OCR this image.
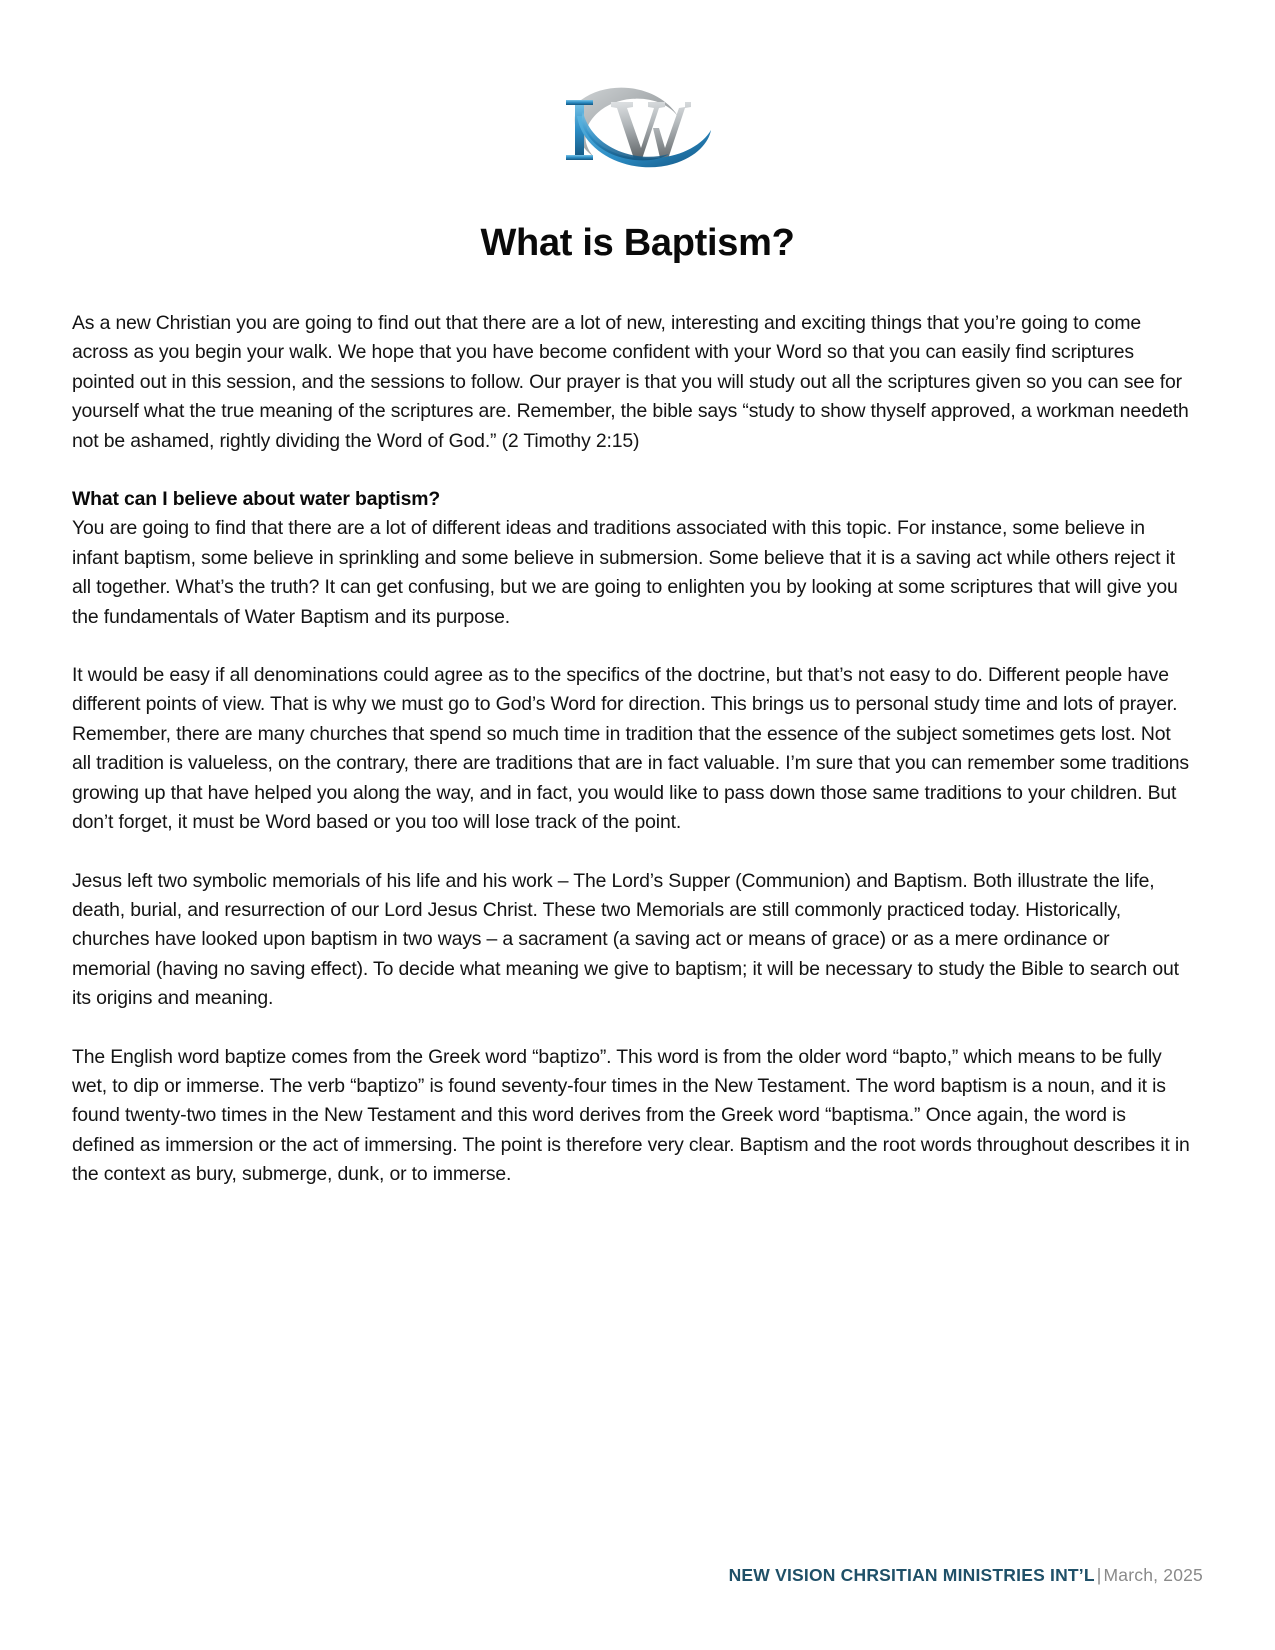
What is Baptism?

As a new Christian you are going to find out that there are a lot of new, interesting and exciting things that you’re going to come across as you begin your walk. We hope that you have become confident with your Word so that you can easily find scriptures pointed out in this session, and the sessions to follow. Our prayer is that you will study out all the scriptures given so you can see for yourself what the true meaning of the scriptures are. Remember, the bible says “study to show thyself approved, a workman needeth not be ashamed, rightly dividing the Word of God.” (2 Timothy 2:15)

What can I believe about water baptism?

You are going to find that there are a lot of different ideas and traditions associated with this topic. For instance, some believe in infant baptism, some believe in sprinkling and some believe in submersion. Some believe that it is a saving act while others reject it all together. What’s the truth? It can get confusing, but we are going to enlighten you by looking at some scriptures that will give you the fundamentals of Water Baptism and its purpose.

It would be easy if all denominations could agree as to the specifics of the doctrine, but that’s not easy to do. Different people have different points of view. That is why we must go to God’s Word for direction. This brings us to personal study time and lots of prayer. Remember, there are many churches that spend so much time in tradition that the essence of the subject sometimes gets lost. Not all tradition is valueless, on the contrary, there are traditions that are in fact valuable. I’m sure that you can remember some traditions growing up that have helped you along the way, and in fact, you would like to pass down those same traditions to your children. But don’t forget, it must be Word based or you too will lose track of the point.

Jesus left two symbolic memorials of his life and his work – The Lord’s Supper (Communion) and Baptism. Both illustrate the life, death, burial, and resurrection of our Lord Jesus Christ. These two Memorials are still commonly practiced today. Historically, churches have looked upon baptism in two ways – a sacrament (a saving act or means of grace) or as a mere ordinance or memorial (having no saving effect). To decide what meaning we give to baptism; it will be necessary to study the Bible to search out its origins and meaning.

The English word baptize comes from the Greek word “baptizo”. This word is from the older word “bapto,” which means to be fully wet, to dip or immerse. The verb “baptizo” is found seventy-four times in the New Testament. The word baptism is a noun, and it is found twenty-two times in the New Testament and this word derives from the Greek word “baptisma.” Once again, the word is defined as immersion or the act of immersing. The point is therefore very clear. Baptism and the root words throughout describes it in the context as bury, submerge, dunk, or to immerse.

NEW VISION CHRSITIAN MINISTRIES INT’L | March, 2025
